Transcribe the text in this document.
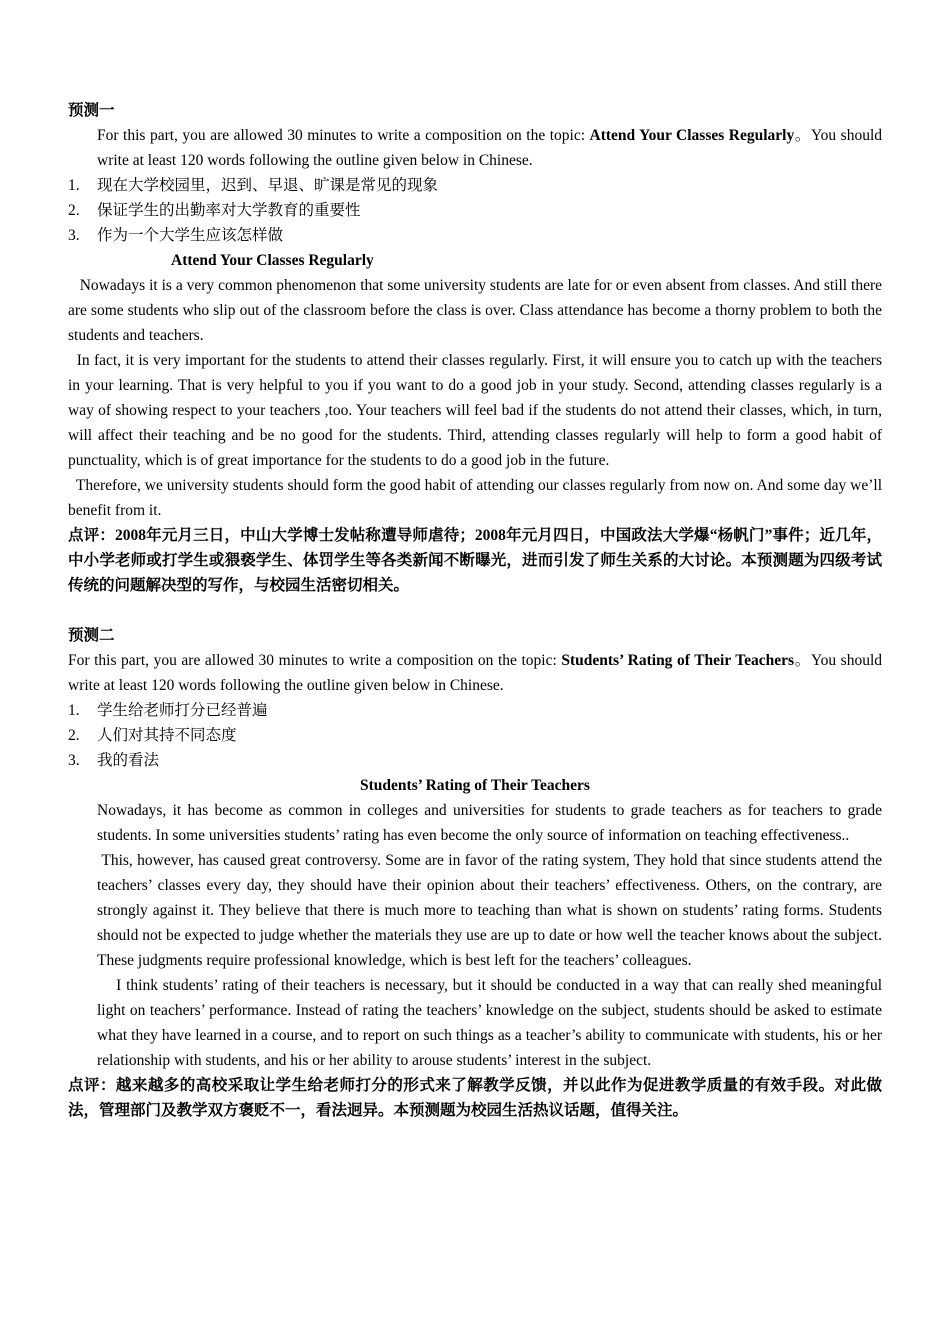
预测一

For this part, you are allowed 30 minutes to write a composition on the topic: Attend Your Classes Regularly。You should write at least 120 words following the outline given below in Chinese.

1.	现在大学校园里，迟到、早退、旷课是常见的现象
2.	保证学生的出勤率对大学教育的重要性
3.	作为一个大学生应该怎样做

Attend Your Classes Regularly

Nowadays it is a very common phenomenon that some university students are late for or even absent from classes. And still there are some students who slip out of the classroom before the class is over. Class attendance has become a thorny problem to both the students and teachers.

In fact, it is very important for the students to attend their classes regularly. First, it will ensure you to catch up with the teachers in your learning. That is very helpful to you if you want to do a good job in your study. Second, attending classes regularly is a way of showing respect to your teachers ,too. Your teachers will feel bad if the students do not attend their classes, which, in turn, will affect their teaching and be no good for the students. Third, attending classes regularly will help to form a good habit of punctuality, which is of great importance for the students to do a good job in the future.

Therefore, we university students should form the good habit of attending our classes regularly from now on. And some day we’ll benefit from it.

点评：2008年元月三日，中山大学博士发帖称遭导师虐待；2008年元月四日，中国政法大学爆“杨帆门”事件；近几年，中小学老师或打学生或猥亵学生、体罚学生等各类新闻不断曝光，进而引发了师生关系的大讨论。本预测题为四级考试传统的问题解决型的写作，与校园生活密切相关。

预测二

For this part, you are allowed 30 minutes to write a composition on the topic: Students’ Rating of Their Teachers。You should write at least 120 words following the outline given below in Chinese.

1.	学生给老师打分已经普遍
2.	人们对其持不同态度
3.	我的看法

Students’ Rating of Their Teachers

Nowadays, it has become as common in colleges and universities for students to grade teachers as for teachers to grade students. In some universities students’ rating has even become the only source of information on teaching effectiveness..

This, however, has caused great controversy. Some are in favor of the rating system, They hold that since students attend the teachers’ classes every day, they should have their opinion about their teachers’ effectiveness. Others, on the contrary, are strongly against it. They believe that there is much more to teaching than what is shown on students’ rating forms. Students should not be expected to judge whether the materials they use are up to date or how well the teacher knows about the subject. These judgments require professional knowledge, which is best left for the teachers’ colleagues.

I think students’ rating of their teachers is necessary, but it should be conducted in a way that can really shed meaningful light on teachers’ performance. Instead of rating the teachers’ knowledge on the subject, students should be asked to estimate what they have learned in a course, and to report on such things as a teacher’s ability to communicate with students, his or her relationship with students, and his or her ability to arouse students’ interest in the subject.

点评：越来越多的高校采取让学生给老师打分的形式来了解教学反馈，并以此作为促进教学质量的有效手段。对此做法，管理部门及教学双方褒贬不一，看法迥异。本预测题为校园生活热议话题，值得关注。
